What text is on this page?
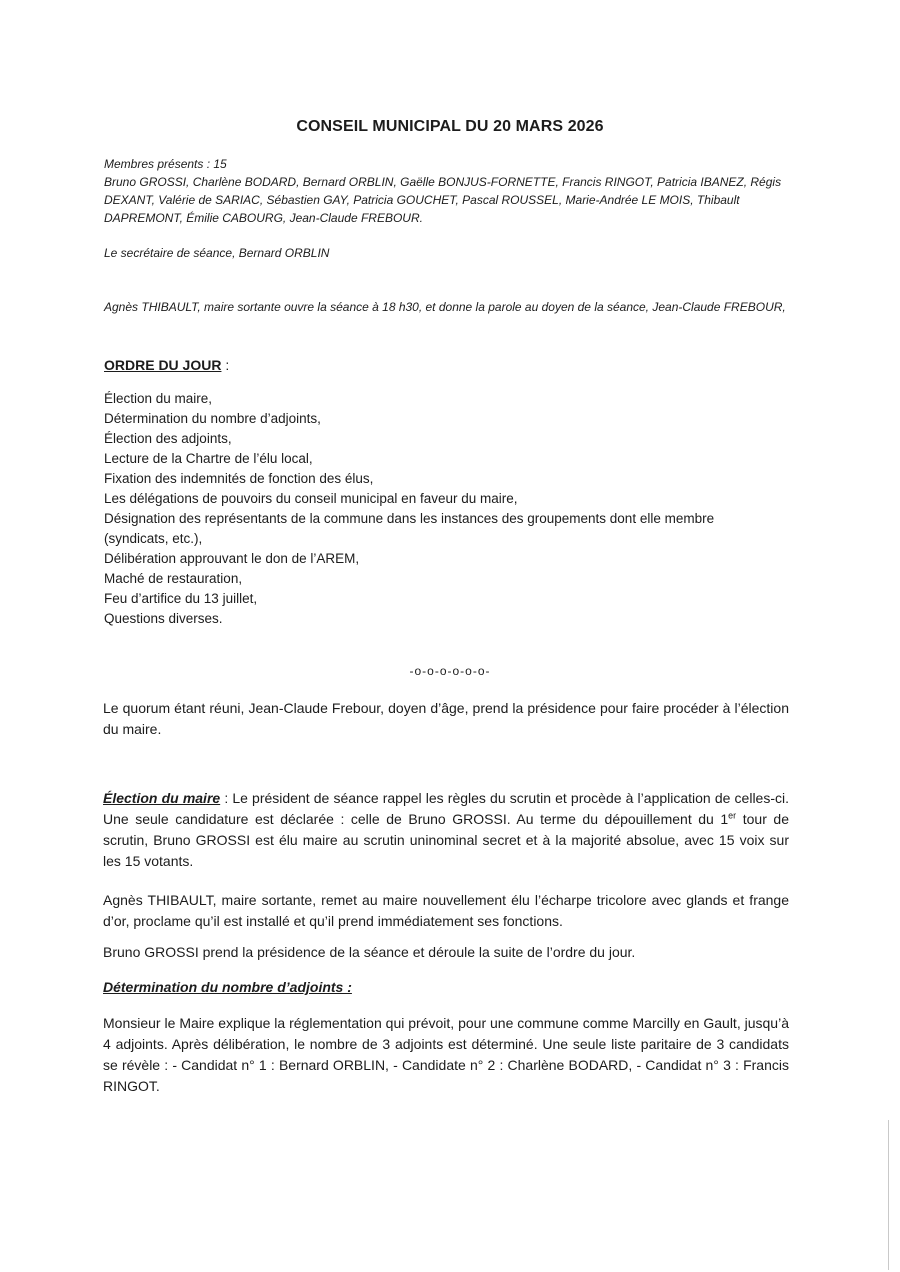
CONSEIL MUNICIPAL DU 20 MARS 2026
Membres présents : 15
Bruno GROSSI, Charlène BODARD, Bernard ORBLIN, Gaëlle BONJUS-FORNETTE, Francis RINGOT, Patricia IBANEZ, Régis DEXANT, Valérie de SARIAC, Sébastien GAY, Patricia GOUCHET, Pascal ROUSSEL, Marie-Andrée LE MOIS, Thibault DAPREMONT, Émilie CABOURG, Jean-Claude FREBOUR.
Le secrétaire de séance, Bernard ORBLIN
Agnès THIBAULT, maire sortante ouvre la séance à 18 h30, et donne la parole au doyen de la séance, Jean-Claude FREBOUR,
ORDRE DU JOUR :
Élection du maire,
Détermination du nombre d’adjoints,
Élection des adjoints,
Lecture de la Chartre de l’élu local,
Fixation des indemnités de fonction des élus,
Les délégations de pouvoirs du conseil municipal en faveur du maire,
Désignation des représentants de la commune dans les instances des groupements dont elle membre (syndicats, etc.),
Délibération approuvant le don de l’AREM,
Maché de restauration,
Feu d’artifice du 13 juillet,
Questions diverses.
-o-o-o-o-o-o-

Le quorum étant réuni, Jean-Claude Frebour, doyen d’âge, prend la présidence pour faire procéder à l’élection du maire.

Élection du maire : Le président de séance rappel les règles du scrutin et procède à l’application de celles-ci. Une seule candidature est déclarée : celle de Bruno GROSSI. Au terme du dépouillement du 1er tour de scrutin, Bruno GROSSI est élu maire au scrutin uninominal secret et à la majorité absolue, avec 15 voix sur les 15 votants.

Agnès THIBAULT, maire sortante, remet au maire nouvellement élu l’écharpe tricolore avec glands et frange d’or, proclame qu’il est installé et qu’il prend immédiatement ses fonctions.

Bruno GROSSI prend la présidence de la séance et déroule la suite de l’ordre du jour.

Détermination du nombre d’adjoints :

Monsieur le Maire explique la réglementation qui prévoit, pour une commune comme Marcilly en Gault, jusqu’à 4 adjoints. Après délibération, le nombre de 3 adjoints est déterminé. Une seule liste paritaire de 3 candidats se révèle : - Candidat n° 1 : Bernard ORBLIN, - Candidate n° 2 : Charlène BODARD, - Candidat n° 3 : Francis RINGOT.
